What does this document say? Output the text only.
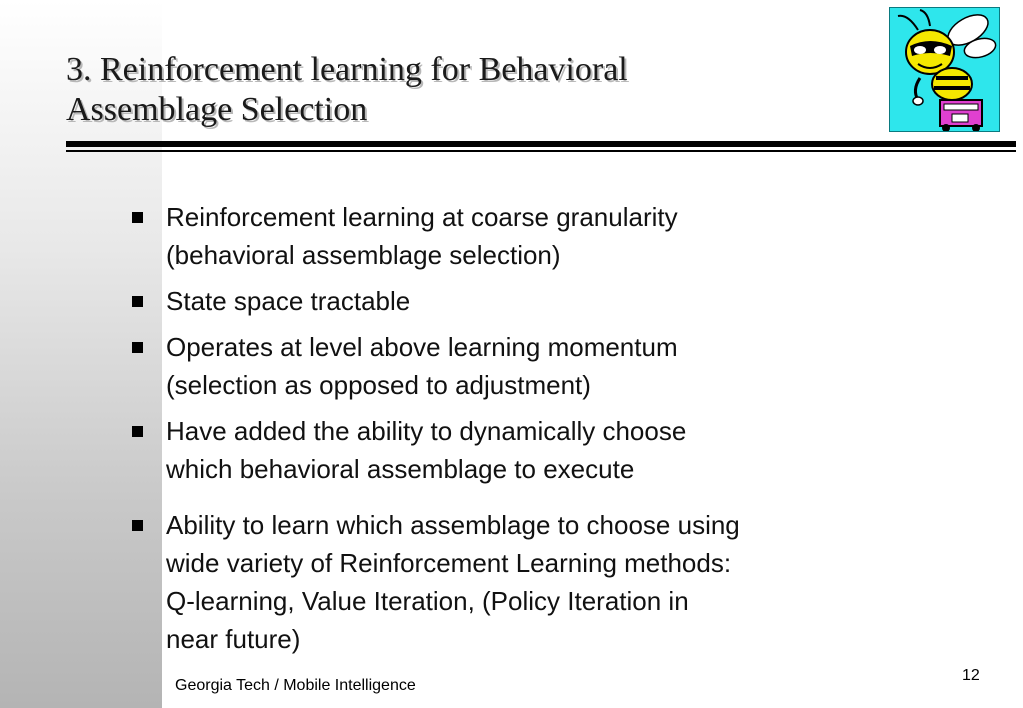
3. Reinforcement learning for Behavioral
Assemblage Selection
Reinforcement learning at coarse granularity
(behavioral assemblage selection)
State space tractable
Operates at level above learning momentum
(selection as opposed to adjustment)
Have added the ability to dynamically choose
which behavioral assemblage to execute
Ability to learn which assemblage to choose using
wide variety of Reinforcement Learning methods:
Q-learning, Value Iteration, (Policy Iteration in
near future)
Georgia Tech / Mobile Intelligence
12
